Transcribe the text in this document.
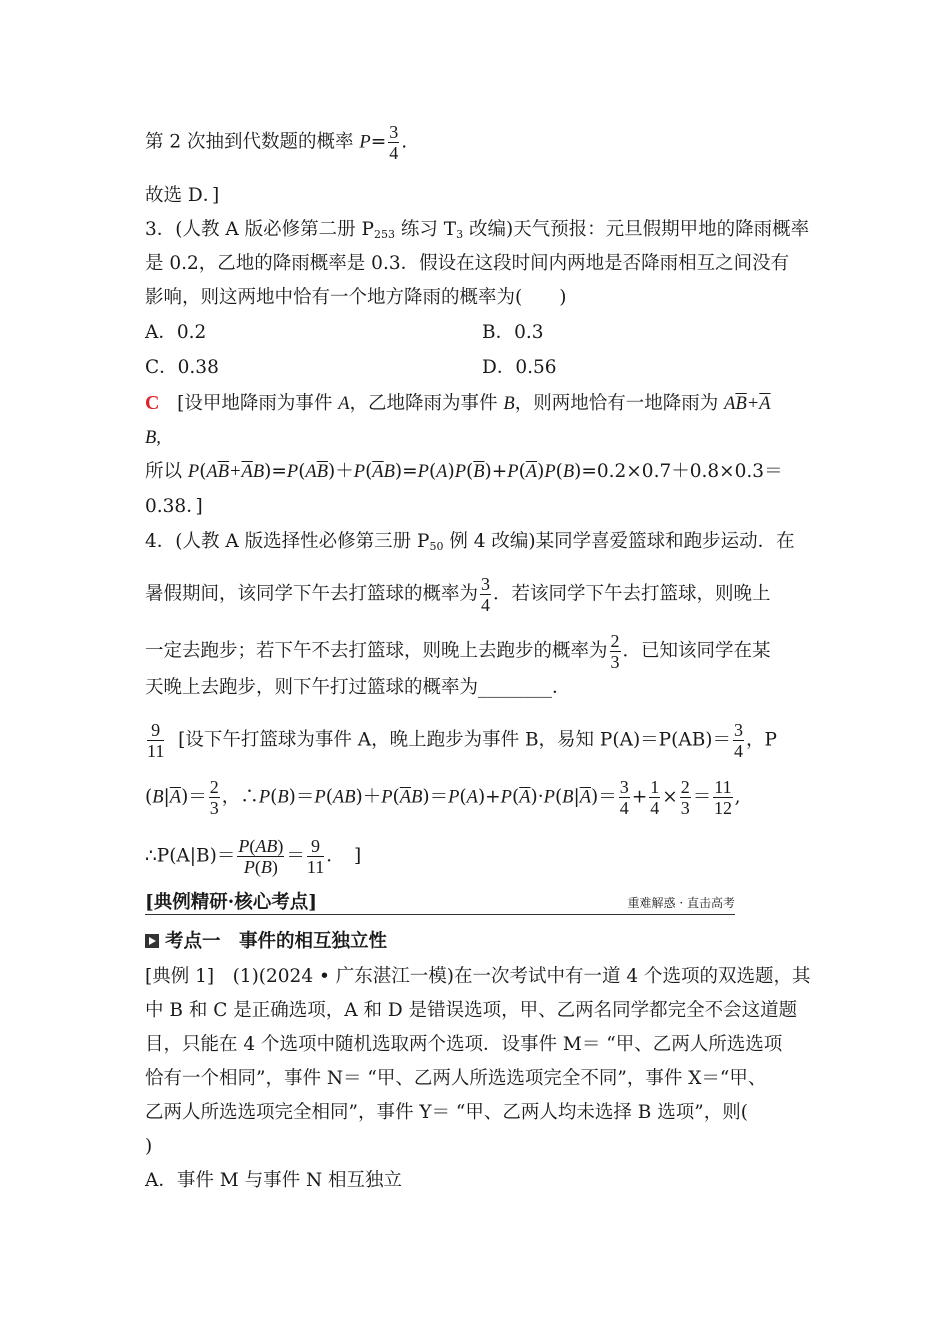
第 2 次抽到代数题的概率 $P= \frac{3}{4}$ .
故选 D．]
3．(人教 A 版必修第二册 $P_{253}$ 练习 $T_3$ 改编)天气预报：元旦假期甲地的降雨概率
是 0.2，乙地的降雨概率是 0.3．假设在这段时间内两地是否降雨相互之间没有
影响，则这两地中恰有一个地方降雨的概率为(　　)
A．0.2	B．0.3
C．0.38	D．0.56
C [设甲地降雨为事件 A，乙地降雨为事件 B，则两地恰有一地降雨为 $A\overline{B}+\overline{A}$
B,
所以 $P(A\overline{B}+\overline{A}B)=P(A\overline{B})+P(\overline{A}B)=P(A)P(\overline{B})+P(\overline{A})P(B)=0.2\times 0.7+0.8\times 0.3=$
0.38．]
4．(人教 A 版选择性必修第三册 $P_{50}$ 例 4 改编)某同学喜爱篮球和跑步运动．在
暑假期间，该同学下午去打篮球的概率为 $\frac{3}{4}$ ．若该同学下午去打篮球，则晚上
一定去跑步；若下午不去打篮球，则晚上去跑步的概率为 $\frac{2}{3}$ ．已知该同学在某
天晚上去跑步，则下午打过篮球的概率为________．
$\frac{9}{11}$ [设下午打篮球为事件 A，晚上跑步为事件 B，易知 $P(A)=P(AB)= \frac{3}{4}$ ，P
$(B|\overline{A})= \frac{2}{3}$ ，$\therefore P(B)=P(AB)+P(\overline{A}B)=P(A)+P(\overline{A})\cdot P(B|\overline{A})= \frac{3}{4} + \frac{1}{4} \times \frac{2}{3} = \frac{11}{12}$ ,
∴P(A|B)＝ $\frac{P(AB)}{P(B)} = \frac{9}{11}$ ．　]
[典例精研·核心考点]	重难解惑 · 直击高考
考点一　事件的相互独立性
[典例 1]　(1)(2024 • 广东湛江一模)在一次考试中有一道 4 个选项的双选题，其
中 B 和 C 是正确选项，A 和 D 是错误选项，甲、乙两名同学都完全不会这道题
目，只能在 4 个选项中随机选取两个选项．设事件 M＝ “甲、乙两人所选选项
恰有一个相同”，事件 N＝ “甲、乙两人所选选项完全不同”，事件 X＝“甲、
乙两人所选选项完全相同”，事件 Y＝ “甲、乙两人均未选择 B 选项”，则(
)
A．事件 M 与事件 N 相互独立
